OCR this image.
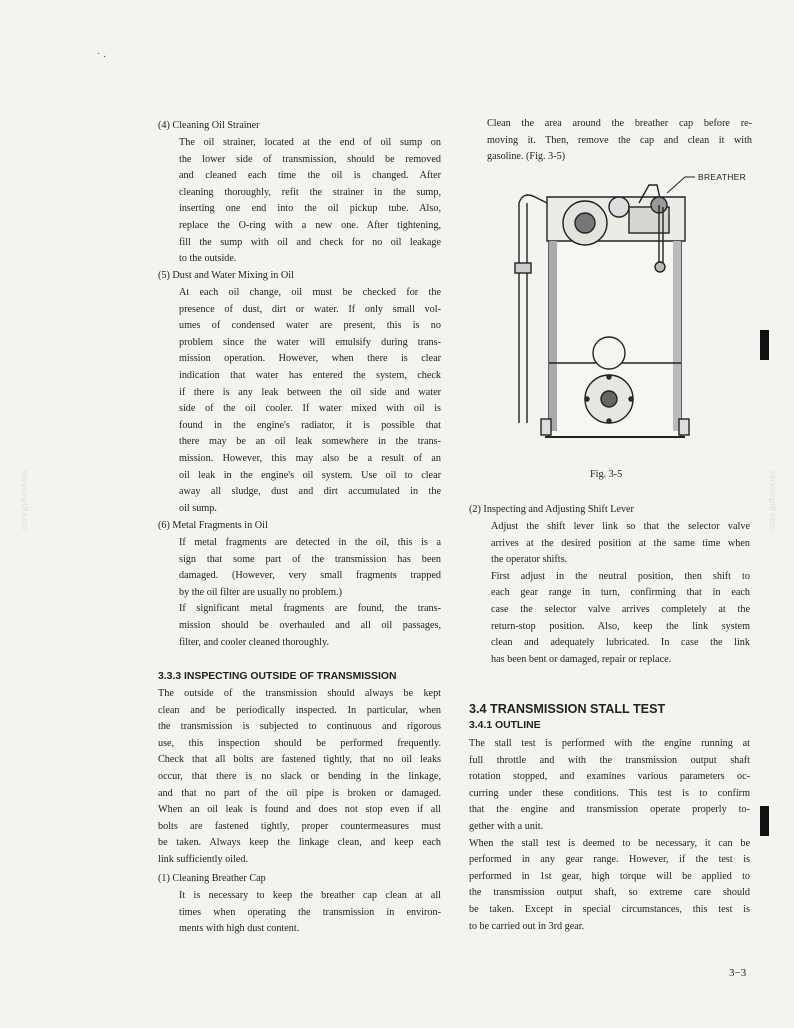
˙ ·
servicepdf.com	servicepdf.com
(4) Cleaning Oil Strainer
The oil strainer, located at the end of oil sump on
the lower side of transmission, should be removed
and cleaned each time the oil is changed. After
cleaning thoroughly, refit the strainer in the sump,
inserting one end into the oil pickup tube. Also,
replace the O-ring with a new one. After tightening,
fill the sump with oil and check for no oil leakage
to the outside.
(5) Dust and Water Mixing in Oil
At each oil change, oil must be checked for the
presence of dust, dirt or water. If only small vol-
umes of condensed water are present, this is no
problem since the water will emulsify during trans-
mission operation. However, when there is clear
indication that water has entered the system, check
if there is any leak between the oil side and water
side of the oil cooler. If water mixed with oil is
found in the engine's radiator, it is possible that
there may be an oil leak somewhere in the trans-
mission. However, this may also be a result of an
oil leak in the engine's oil system. Use oil to clear
away all sludge, dust and dirt accumulated in the
oil sump.
(6) Metal Fragments in Oil
If metal fragments are detected in the oil, this is a
sign that some part of the transmission has been
damaged. (However, very small fragments trapped
by the oil filter are usually no problem.)
If significant metal fragments are found, the trans-
mission should be overhauled and all oil passages,
filter, and cooler cleaned thoroughly.
3.3.3 INSPECTING OUTSIDE OF TRANSMISSION
The outside of the transmission should always be kept
clean and be periodically inspected. In particular, when
the transmission is subjected to continuous and rigorous
use, this inspection should be performed frequently.
Check that all bolts are fastened tightly, that no oil leaks
occur, that there is no slack or bending in the linkage,
and that no part of the oil pipe is broken or damaged.
When an oil leak is found and does not stop even if all
bolts are fastened tightly, proper countermeasures must
be taken. Always keep the linkage clean, and keep each
link sufficiently oiled.
(1) Cleaning Breather Cap
It is necessary to keep the breather cap clean at all
times when operating the transmission in environ-
ments with high dust content.
Clean the area around the breather cap before re-
moving it. Then, remove the cap and clean it with
gasoline. (Fig. 3-5)
BREATHER
Fig. 3-5
(2) Inspecting and Adjusting Shift Lever
Adjust the shift lever link so that the selector valve
arrives at the desired position at the same time when
the operator shifts.
First adjust in the neutral position, then shift to
each gear range in turn, confirming that in each
case the selector valve arrives completely at the
return-stop position. Also, keep the link system
clean and adequately lubricated. In case the link
has been bent or damaged, repair or replace.
3.4 TRANSMISSION STALL TEST
3.4.1 OUTLINE
The stall test is performed with the engine running at
full throttle and with the transmission output shaft
rotation stopped, and examines various parameters oc-
curring under these conditions. This test is to confirm
that the engine and transmission operate properly to-
gether with a unit.
When the stall test is deemed to be necessary, it can be
performed in any gear range. However, if the test is
performed in 1st gear, high torque will be applied to
the transmission output shaft, so extreme care should
be taken. Except in special circumstances, this test is
to be carried out in 3rd gear.
3−3
